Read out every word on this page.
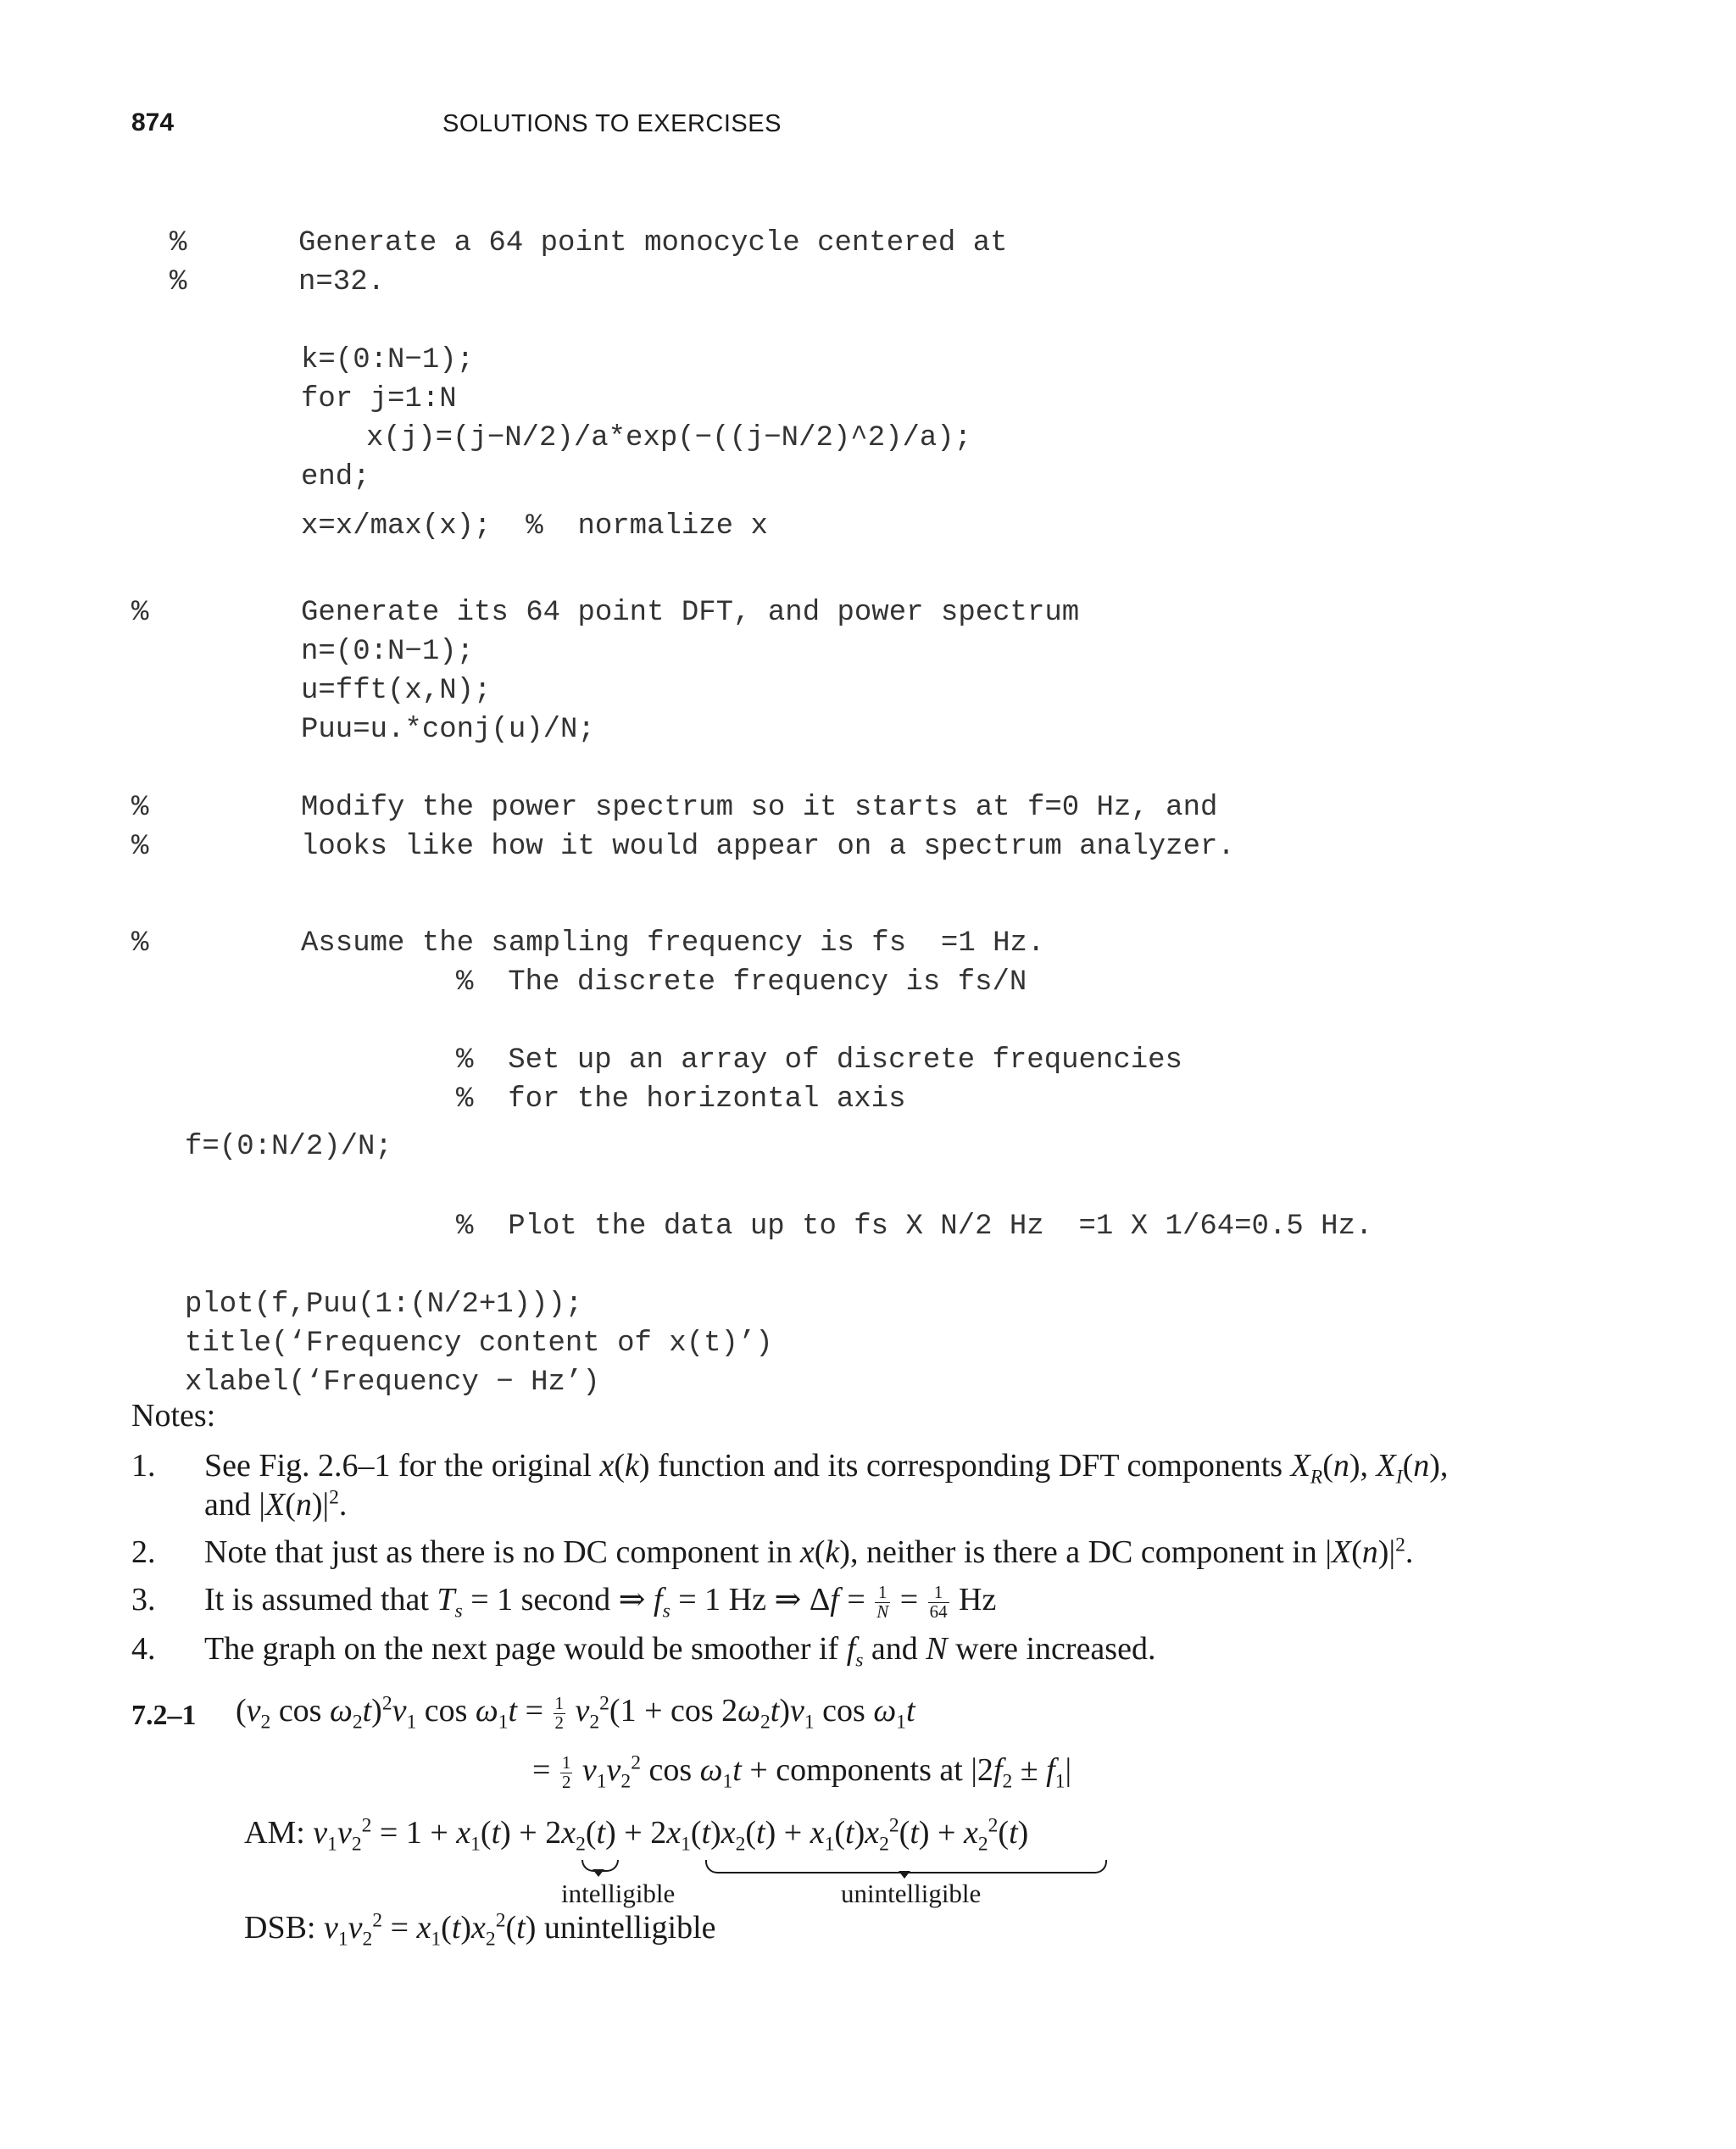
874	SOLUTIONS TO EXERCISES
%	Generate a 64 point monocycle centered at
%	n=32.
k=(0:N−1);
for j=1:N
x(j)=(j−N/2)/a*exp(−((j−N/2)^2)/a);
end;
x=x/max(x);  %  normalize x
%	Generate its 64 point DFT, and power spectrum
n=(0:N−1);
u=fft(x,N);
Puu=u.*conj(u)/N;
%	Modify the power spectrum so it starts at f=0 Hz, and
%	looks like how it would appear on a spectrum analyzer.
%	Assume the sampling frequency is fs  =1 Hz.
%  The discrete frequency is fs/N
%  Set up an array of discrete frequencies
%  for the horizontal axis
f=(0:N/2)/N;
%  Plot the data up to fs X N/2 Hz  =1 X 1/64=0.5 Hz.
plot(f,Puu(1:(N/2+1)));
title(‘Frequency content of x(t)’)
xlabel(‘Frequency − Hz’)
Notes:
1. See Fig. 2.6–1 for the original x(k) function and its corresponding DFT components $X_R(n)$, $X_I(n)$,
and $|X(n)|^2$.
2. Note that just as there is no DC component in x(k), neither is there a DC component in $|X(n)|^2$.
3. It is assumed that $T_s = 1$ second ⇒ $f_s = 1$ Hz ⇒ $\Delta f = \frac{1}{N} = \frac{1}{64}$ Hz
4. The graph on the next page would be smoother if $f_s$ and N were increased.
7.2–1 ($v_2$ $\cos \omega_2t)^2v_1$ $\cos \omega_1t = \frac{1}{2} v_2^2(1 + \cos 2\omega_2t)v_1$ $\cos \omega_1t$
= $\frac{1}{2} v_1v_2^2$ $\cos \omega_1t$ + components at $|2f_2 \pm f_1|$
AM: $v_1v_2^2 = 1 + x_1(t) + 2x_2(t) + 2x_1(t)x_2(t) + x_1(t)x_2^2(t) + x_2^2(t)$
intelligible	unintelligible
DSB: $v_1v_2^2 = x_1(t)x_2^2(t)$ unintelligible
